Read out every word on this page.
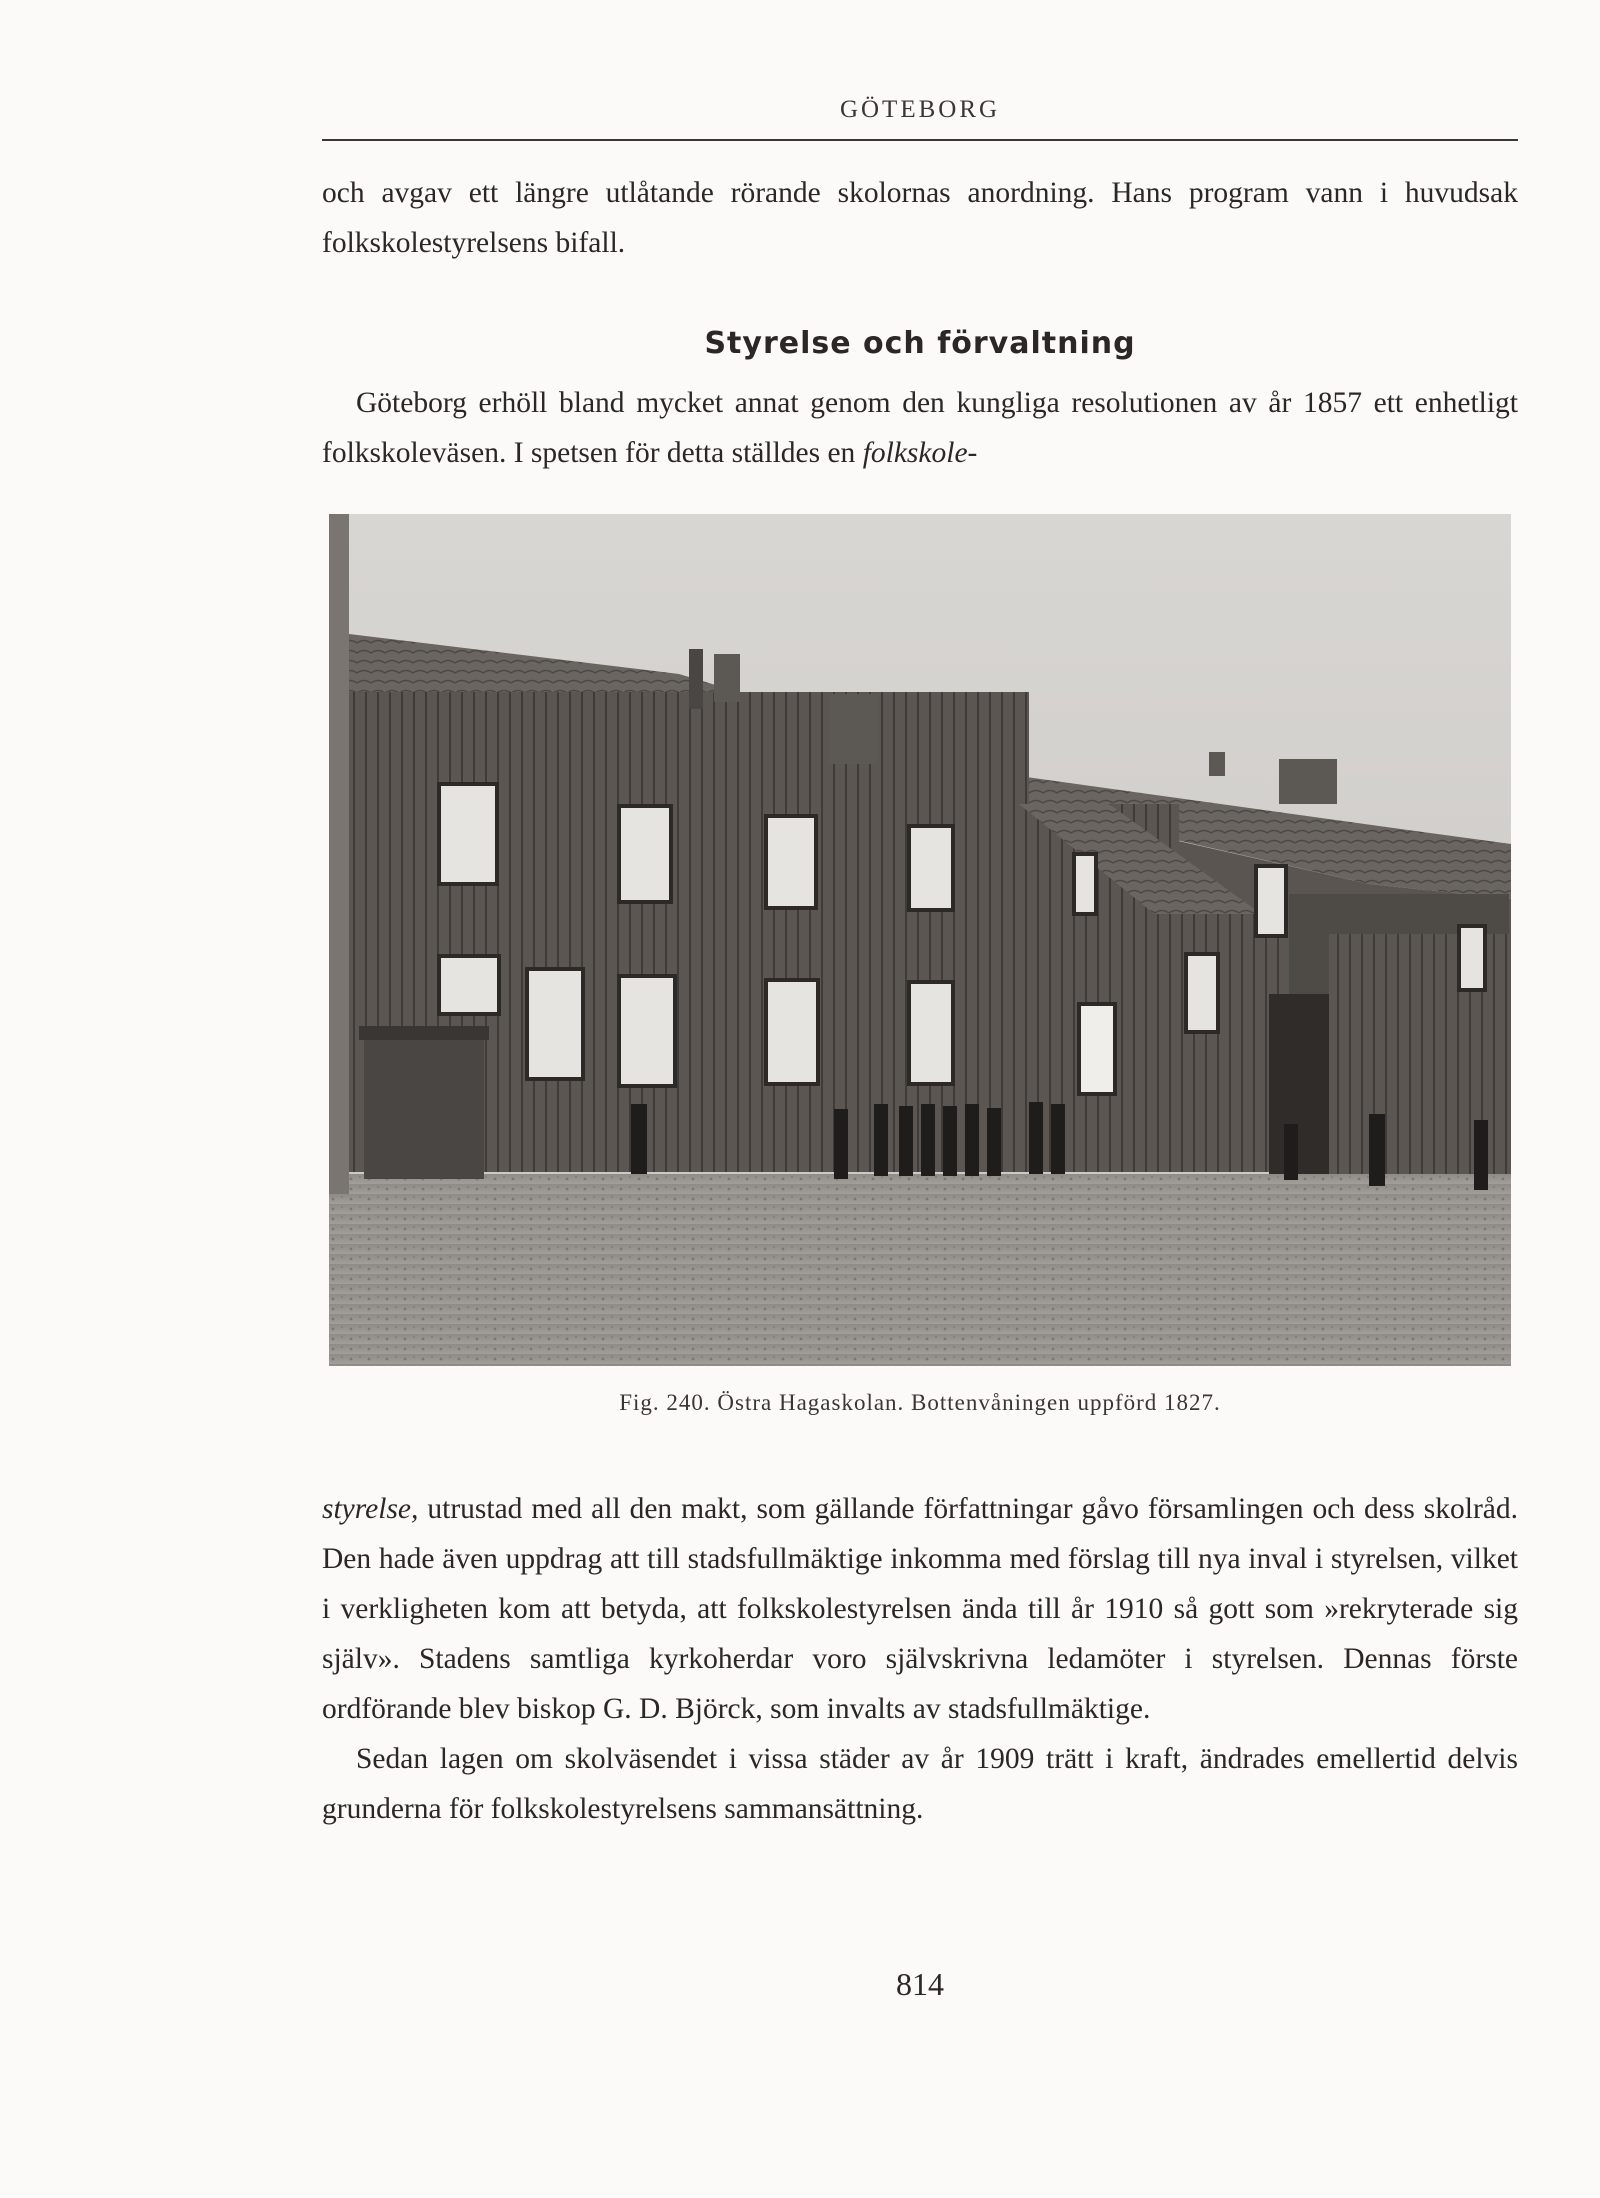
GÖTEBORG

och avgav ett längre utlåtande rörande skolornas anordning. Hans program vann i huvudsak folkskolestyrelsens bifall.

Styrelse och förvaltning

Göteborg erhöll bland mycket annat genom den kungliga resolutionen av år 1857 ett enhetligt folkskoleväsen. I spetsen för detta ställdes en folkskole-

Fig. 240. Östra Hagaskolan. Bottenvåningen uppförd 1827.

styrelse, utrustad med all den makt, som gällande författningar gåvo församlingen och dess skolråd. Den hade även uppdrag att till stadsfullmäktige inkomma med förslag till nya inval i styrelsen, vilket i verkligheten kom att betyda, att folkskolestyrelsen ända till år 1910 så gott som »rekryterade sig själv». Stadens samtliga kyrkoherdar voro självskrivna ledamöter i styrelsen. Dennas förste ordförande blev biskop G. D. Björck, som invalts av stadsfullmäktige.

Sedan lagen om skolväsendet i vissa städer av år 1909 trätt i kraft, ändrades emellertid delvis grunderna för folkskolestyrelsens sammansättning.

814
